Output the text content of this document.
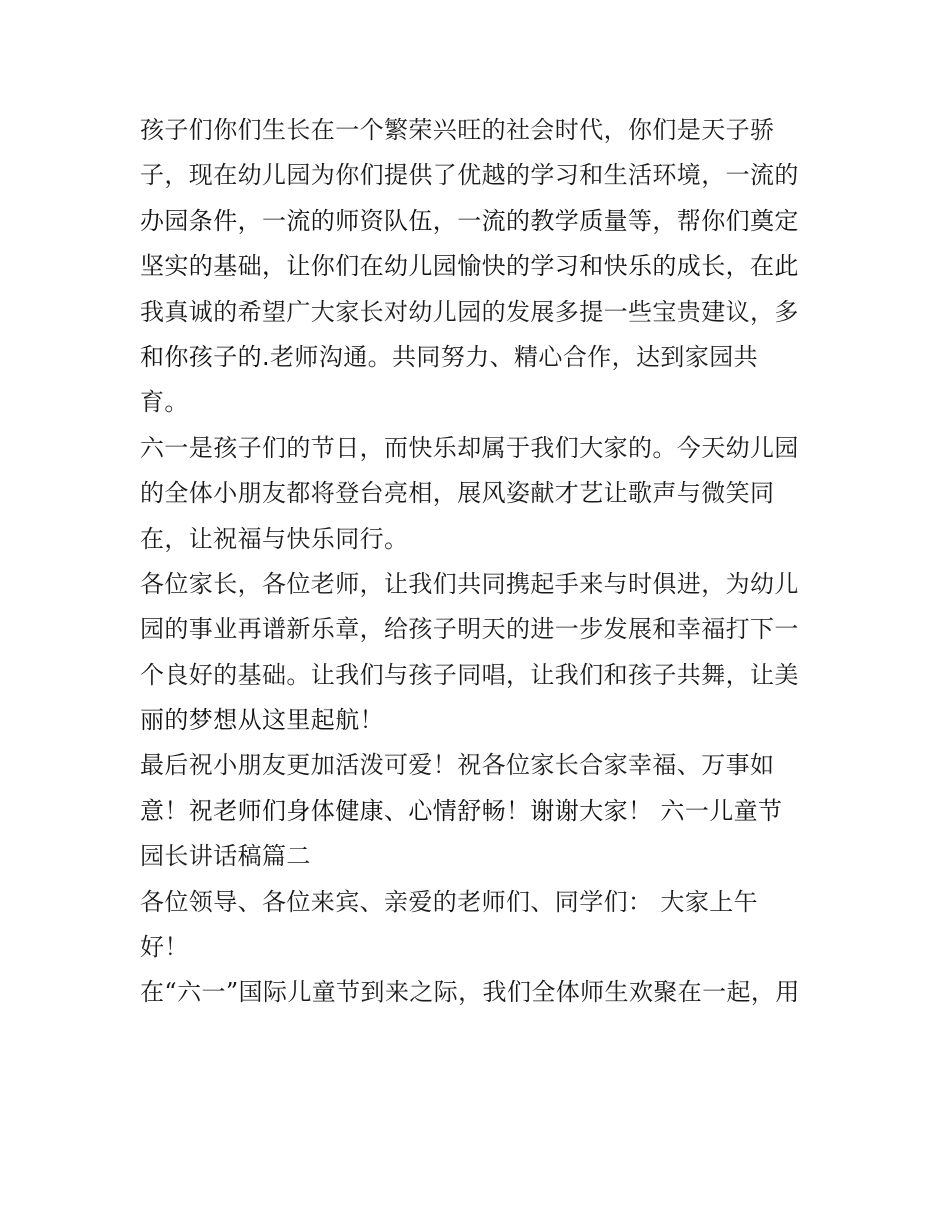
孩子们你们生长在一个繁荣兴旺的社会时代，你们是天子骄
子，现在幼儿园为你们提供了优越的学习和生活环境，一流的
办园条件，一流的师资队伍，一流的教学质量等，帮你们奠定
坚实的基础，让你们在幼儿园愉快的学习和快乐的成长，在此
我真诚的希望广大家长对幼儿园的发展多提一些宝贵建议，多
和你孩子的.老师沟通。共同努力、精心合作，达到家园共
育。
六一是孩子们的节日，而快乐却属于我们大家的。今天幼儿园
的全体小朋友都将登台亮相，展风姿献才艺让歌声与微笑同
在，让祝福与快乐同行。
各位家长，各位老师，让我们共同携起手来与时俱进，为幼儿
园的事业再谱新乐章，给孩子明天的进一步发展和幸福打下一
个良好的基础。让我们与孩子同唱，让我们和孩子共舞，让美
丽的梦想从这里起航！
最后祝小朋友更加活泼可爱！祝各位家长合家幸福、万事如
意！祝老师们身体健康、心情舒畅！谢谢大家！ 六一儿童节
园长讲话稿篇二
各位领导、各位来宾、亲爱的老师们、同学们： 大家上午
好！
在“六一”国际儿童节到来之际，我们全体师生欢聚在一起，用
